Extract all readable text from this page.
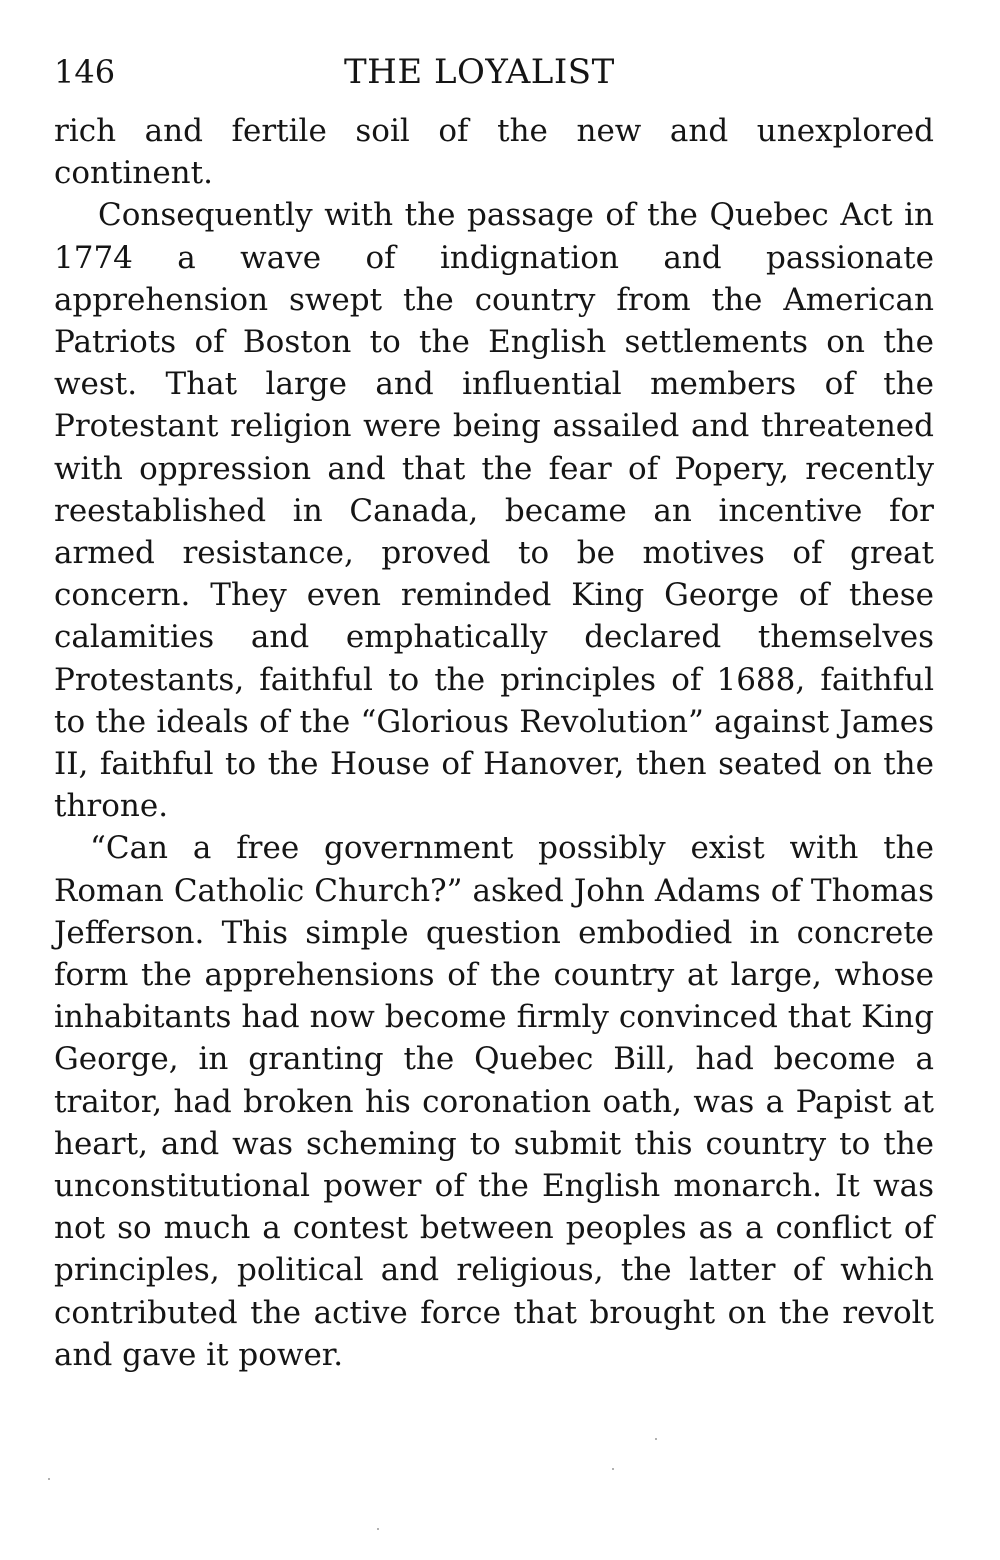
146	THE LOYALIST

rich and fertile soil of the new and unexplored continent.

Consequently with the passage of the Quebec Act in 1774 a wave of indignation and passionate apprehension swept the country from the American Patriots of Boston to the English settlements on the west. That large and influential members of the Protestant religion were being assailed and threatened with oppression and that the fear of Popery, recently reestablished in Canada, became an incentive for armed resistance, proved to be motives of great concern. They even reminded King George of these calamities and emphatically declared themselves Protestants, faithful to the principles of 1688, faithful to the ideals of the “Glorious Revolution” against James II, faithful to the House of Hanover, then seated on the throne.

“Can a free government possibly exist with the Roman Catholic Church?” asked John Adams of Thomas Jefferson. This simple question embodied in concrete form the apprehensions of the country at large, whose inhabitants had now become firmly convinced that King George, in granting the Quebec Bill, had become a traitor, had broken his coronation oath, was a Papist at heart, and was scheming to submit this country to the unconstitutional power of the English monarch. It was not so much a contest between peoples as a conflict of principles, political and religious, the latter of which contributed the active force that brought on the revolt and gave it power.
